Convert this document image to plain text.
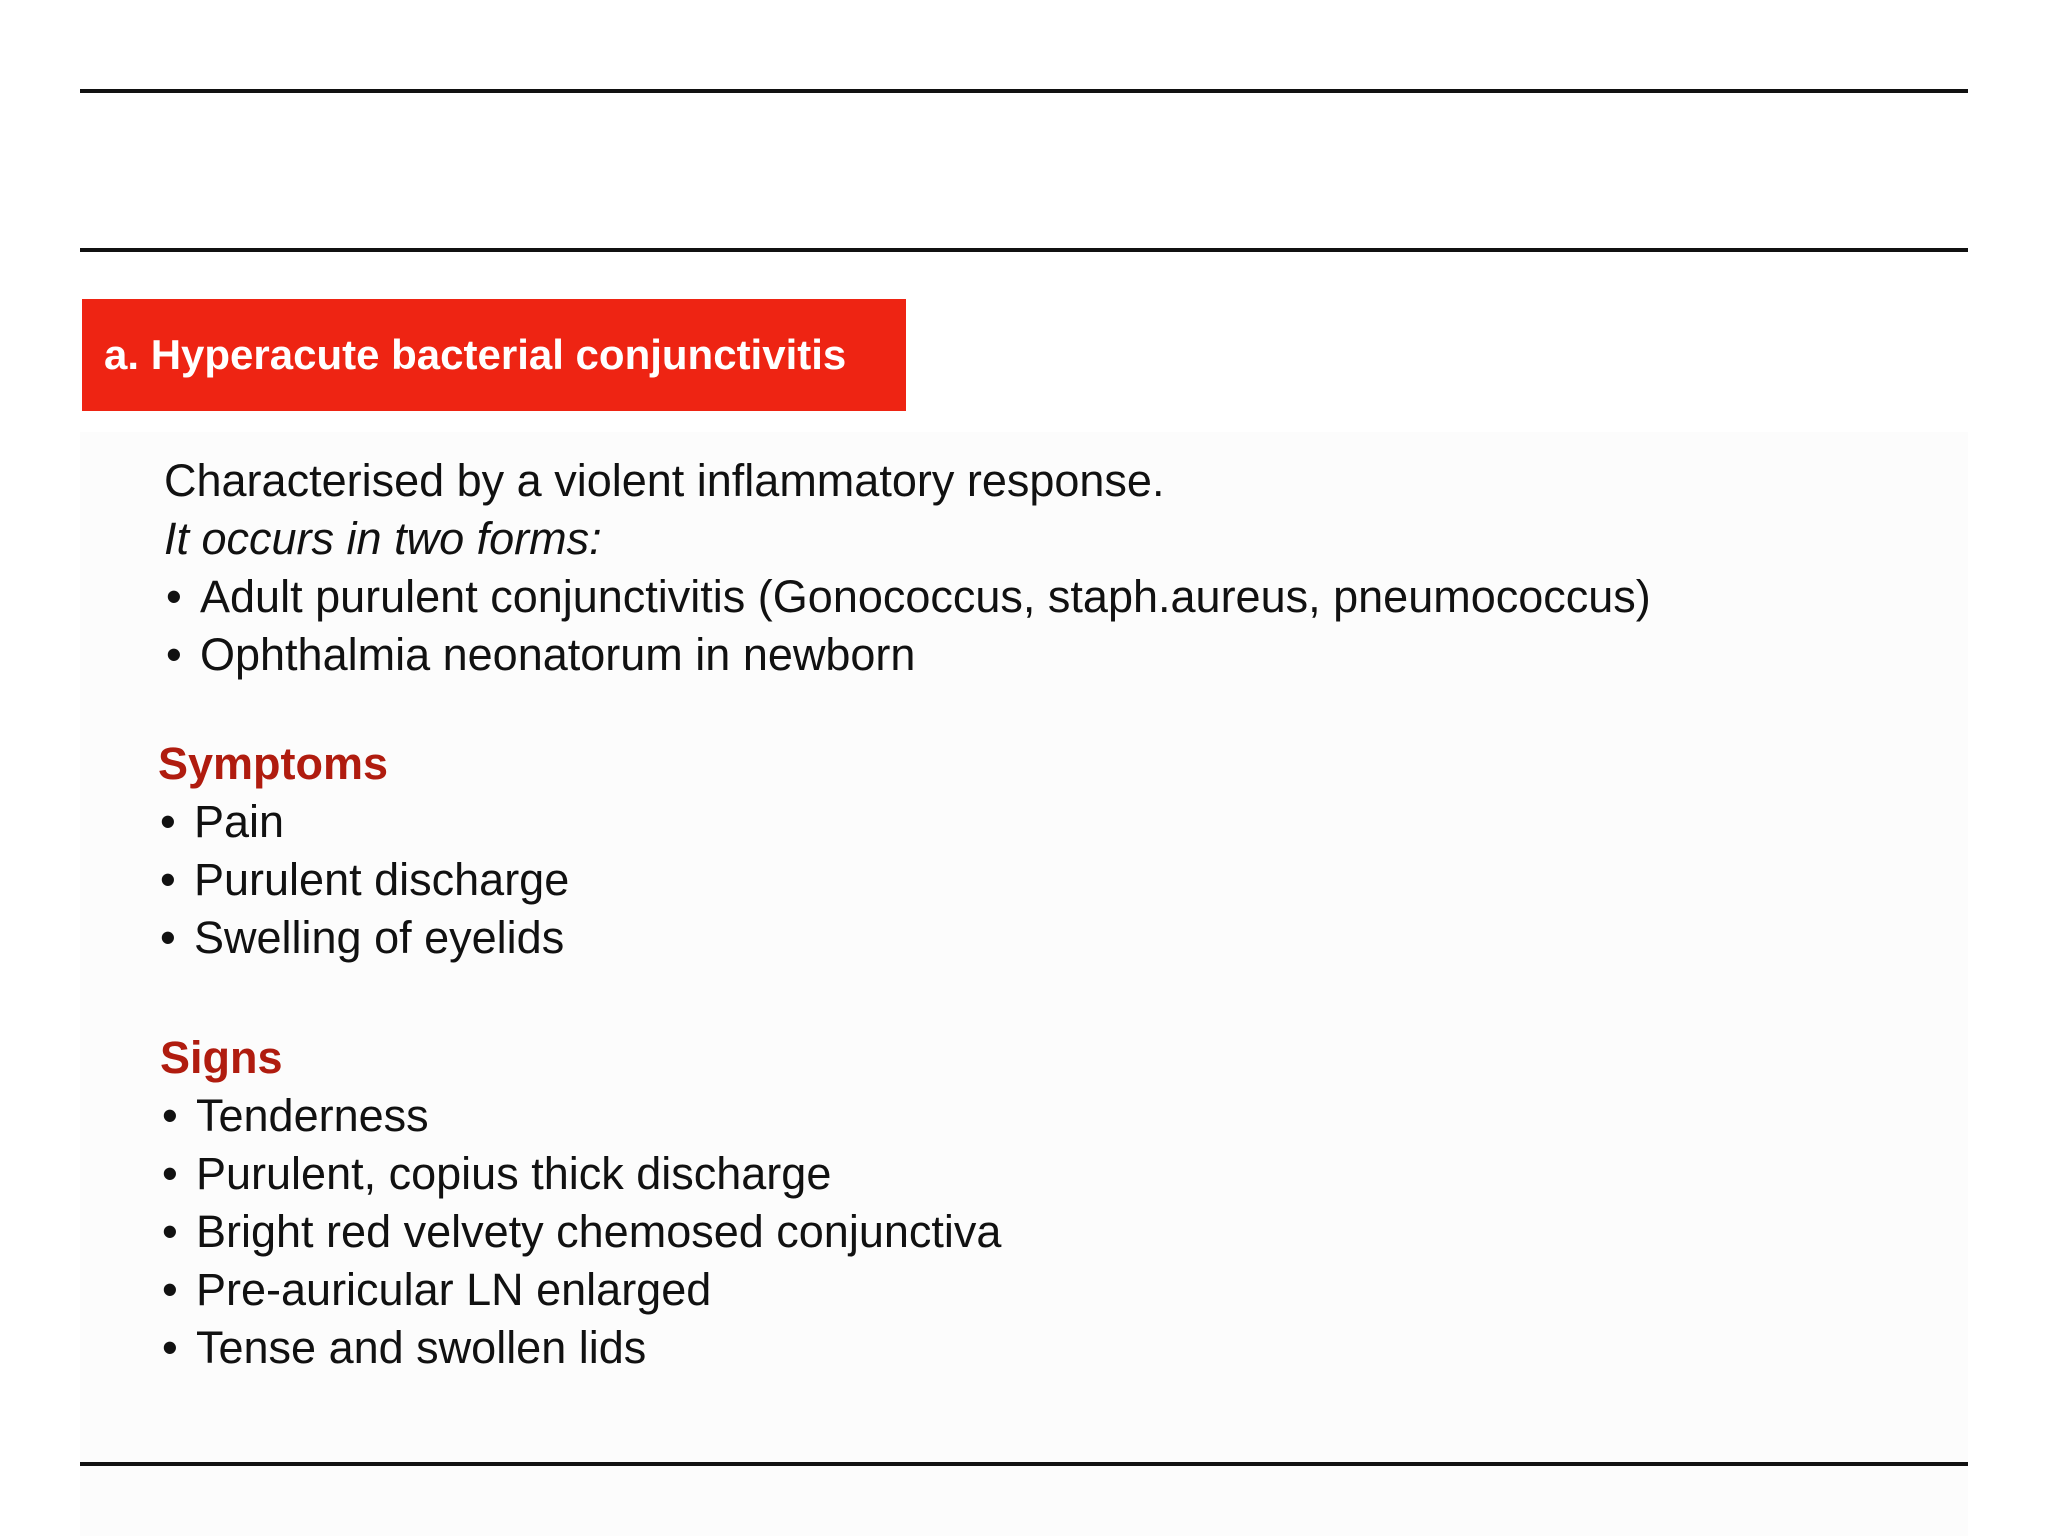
a. Hyperacute bacterial conjunctivitis

Characterised by a violent inflammatory response.

It occurs in two forms:

• Adult purulent conjunctivitis (Gonococcus, staph.aureus, pneumococcus)
• Ophthalmia neonatorum in newborn
Symptoms
• Pain
• Purulent discharge
• Swelling of eyelids
Signs
• Tenderness
• Purulent, copius thick discharge
• Bright red velvety chemosed conjunctiva
• Pre-auricular LN enlarged
• Tense and swollen lids
